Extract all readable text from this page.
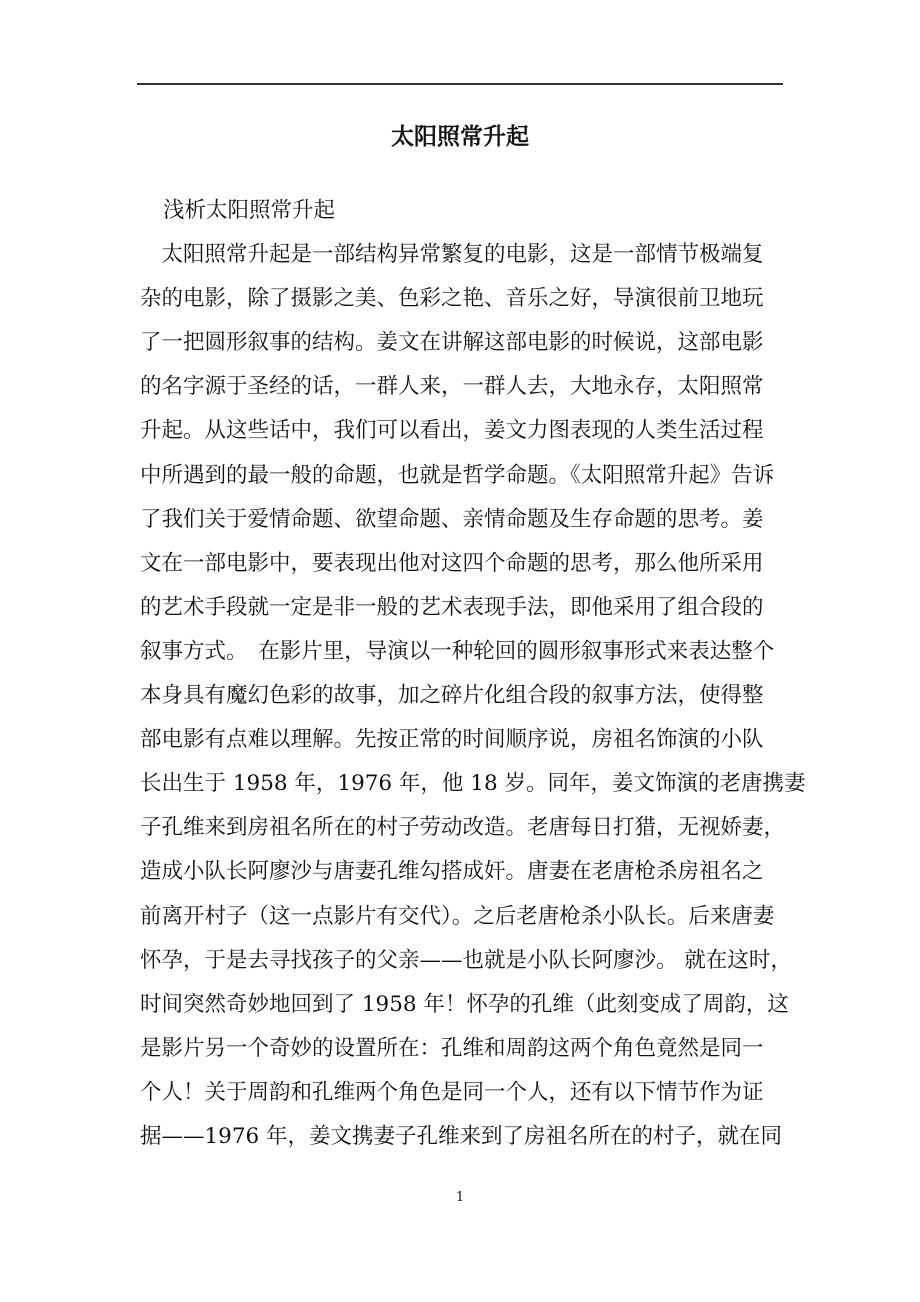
太阳照常升起
浅析太阳照常升起
　太阳照常升起是一部结构异常繁复的电影，这是一部情节极端复
杂的电影，除了摄影之美、色彩之艳、音乐之好，导演很前卫地玩
了一把圆形叙事的结构。姜文在讲解这部电影的时候说，这部电影
的名字源于圣经的话，一群人来，一群人去，大地永存，太阳照常
升起。从这些话中，我们可以看出，姜文力图表现的人类生活过程
中所遇到的最一般的命题，也就是哲学命题。《太阳照常升起》告诉
了我们关于爱情命题、欲望命题、亲情命题及生存命题的思考。姜
文在一部电影中，要表现出他对这四个命题的思考，那么他所采用
的艺术手段就一定是非一般的艺术表现手法，即他采用了组合段的
叙事方式。　在影片里，导演以一种轮回的圆形叙事形式来表达整个
本身具有魔幻色彩的故事，加之碎片化组合段的叙事方法，使得整
部电影有点难以理解。先按正常的时间顺序说，房祖名饰演的小队
长出生于 1958 年，1976 年，他 18 岁。同年，姜文饰演的老唐携妻
子孔维来到房祖名所在的村子劳动改造。老唐每日打猎，无视娇妻，
造成小队长阿廖沙与唐妻孔维勾搭成奸。唐妻在老唐枪杀房祖名之
前离开村子（这一点影片有交代）。之后老唐枪杀小队长。后来唐妻
怀孕，于是去寻找孩子的父亲——也就是小队长阿廖沙。 就在这时，
时间突然奇妙地回到了 1958 年！怀孕的孔维（此刻变成了周韵，这
是影片另一个奇妙的设置所在：孔维和周韵这两个角色竟然是同一
个人！关于周韵和孔维两个角色是同一个人，还有以下情节作为证
据——1976 年，姜文携妻子孔维来到了房祖名所在的村子，就在同
1
